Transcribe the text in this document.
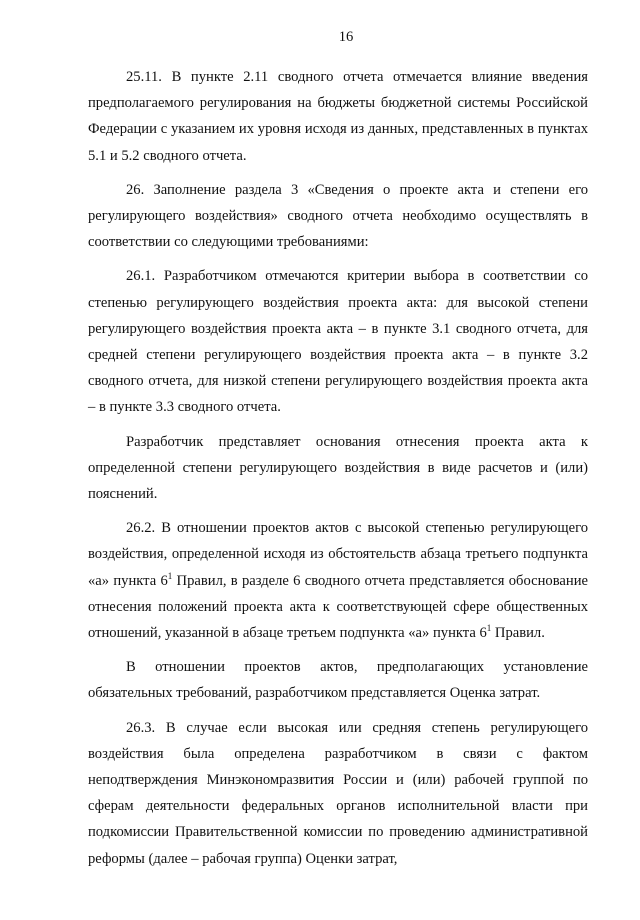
16

25.11. В пункте 2.11 сводного отчета отмечается влияние введения предполагаемого регулирования на бюджеты бюджетной системы Российской Федерации с указанием их уровня исходя из данных, представленных в пунктах 5.1 и 5.2 сводного отчета.

26. Заполнение раздела 3 «Сведения о проекте акта и степени его регулирующего воздействия» сводного отчета необходимо осуществлять в соответствии со следующими требованиями:

26.1. Разработчиком отмечаются критерии выбора в соответствии со степенью регулирующего воздействия проекта акта: для высокой степени регулирующего воздействия проекта акта – в пункте 3.1 сводного отчета, для средней степени регулирующего воздействия проекта акта – в пункте 3.2 сводного отчета, для низкой степени регулирующего воздействия проекта акта – в пункте 3.3 сводного отчета.

Разработчик представляет основания отнесения проекта акта к определенной степени регулирующего воздействия в виде расчетов и (или) пояснений.

26.2. В отношении проектов актов с высокой степенью регулирующего воздействия, определенной исходя из обстоятельств абзаца третьего подпункта «а» пункта $6^1$ Правил, в разделе 6 сводного отчета представляется обоснование отнесения положений проекта акта к соответствующей сфере общественных отношений, указанной в абзаце третьем подпункта «а» пункта $6^1$ Правил.

В отношении проектов актов, предполагающих установление обязательных требований, разработчиком представляется Оценка затрат.

26.3. В случае если высокая или средняя степень регулирующего воздействия была определена разработчиком в связи с фактом неподтверждения Минэкономразвития России и (или) рабочей группой по сферам деятельности федеральных органов исполнительной власти при подкомиссии Правительственной комиссии по проведению административной реформы (далее – рабочая группа) Оценки затрат,
